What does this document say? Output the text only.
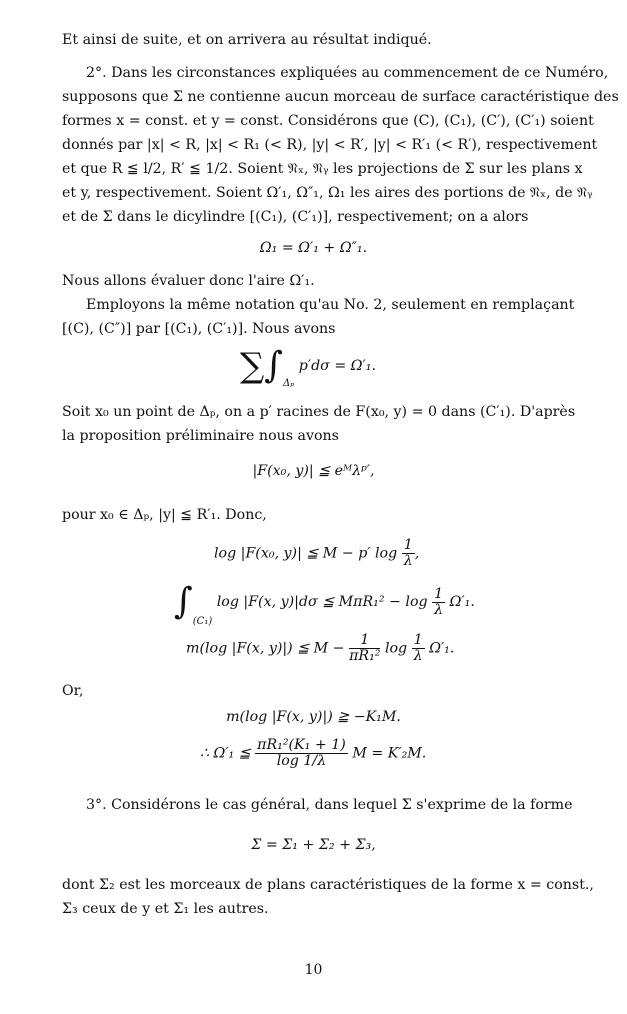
Et ainsi de suite, et on arrivera au résultat indiqué.
2°. Dans les circonstances expliquées au commencement de ce Numéro,
supposons que Σ ne contienne aucun morceau de surface caractéristique des
formes x = const. et y = const. Considérons que (C), (C₁), (C′), (C′₁) soient
donnés par |x| < R, |x| < R₁ (< R), |y| < R′, |y| < R′₁ (< R′), respectivement
et que R ≦ l/2, R′ ≦ 1/2. Soient 𝔑ₓ, 𝔑ᵧ les projections de Σ sur les plans x
et y, respectivement. Soient Ω′₁, Ω″₁, Ω₁ les aires des portions de 𝔑ₓ, de 𝔑ᵧ
et de Σ dans le dicylindre [(C₁), (C′₁)], respectivement; on a alors
Ω₁ = Ω′₁ + Ω″₁.
Nous allons évaluer donc l'aire Ω′₁.
Employons la même notation qu'au No. 2, seulement en remplaçant
[(C), (C″)] par [(C₁), (C′₁)]. Nous avons
$\sum\int_{\Delta_p}$ p′dσ = Ω′₁.
Soit x₀ un point de Δₚ, on a p′ racines de F(x₀, y) = 0 dans (C′₁). D'après
la proposition préliminaire nous avons
|F(x₀, y)| ≦ eᴹλᵖ′,
pour x₀ ∈ Δₚ, |y| ≦ R′₁. Donc,
log |F(x₀, y)| ≦ M − p′ $\log \frac{1}{\lambda}$ ,
$\int_{(C_1)}$ log |F(x, y)|dσ ≦ $M\pi R_1^2 - \log \frac{1}{\lambda} \Omega'_1$.
m(log |F(x, y)|) ≦ $M - \frac{1}{\text{πR₁²}}$ $\log \frac{1}{\lambda} \Omega'_1$.
Or,
m(log |F(x, y)|) ≧ −K₁M.
∴ Ω′₁ ≦ $\frac{\text{πR₁²(K₁ + 1)}}{\log 1/\lambda}$ M = K′₂M.
3°. Considérons le cas général, dans lequel Σ s'exprime de la forme
Σ = Σ₁ + Σ₂ + Σ₃,
dont Σ₂ est les morceaux de plans caractéristiques de la forme x = const.,
Σ₃ ceux de y et Σ₁ les autres.
10
